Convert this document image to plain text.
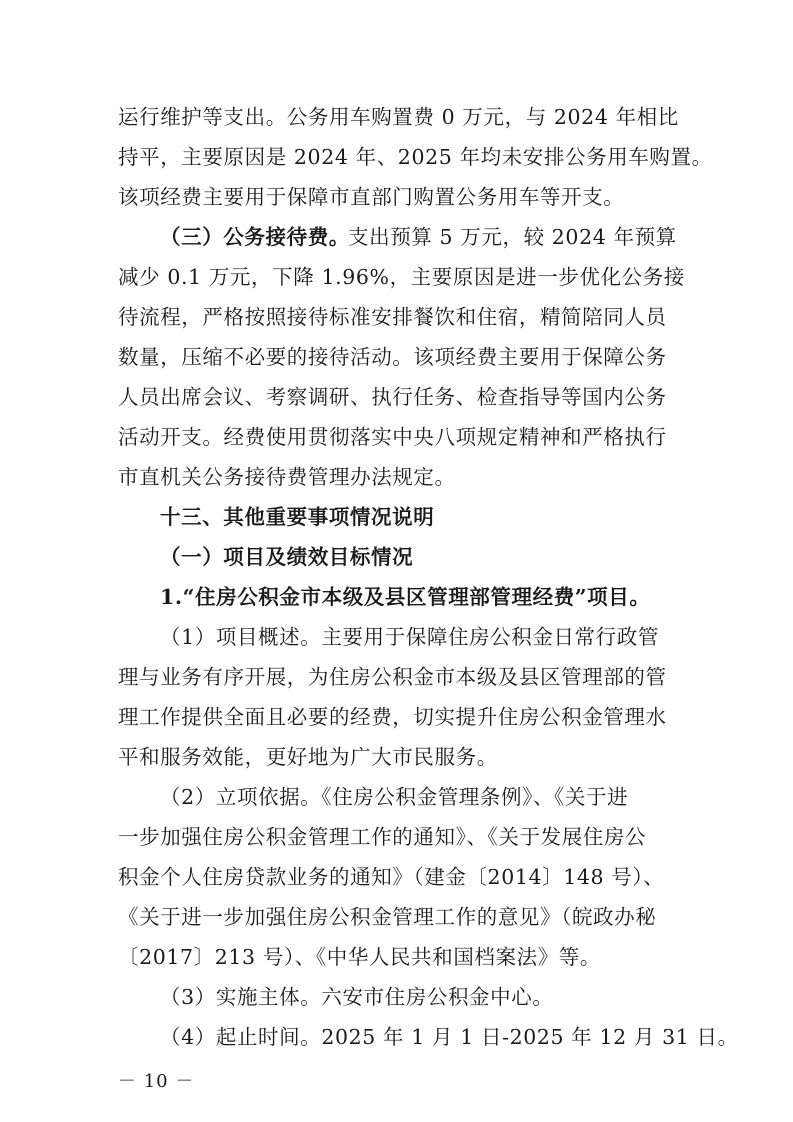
运行维护等支出。公务用车购置费 0 万元，与 2024 年相比
持平，主要原因是 2024 年、2025 年均未安排公务用车购置。
该项经费主要用于保障市直部门购置公务用车等开支。
（三）公务接待费。
支出预算 5 万元，较 2024 年预算
减少 0.1 万元，下降 1.96%，主要原因是进一步优化公务接
待流程，严格按照接待标准安排餐饮和住宿，精简陪同人员
数量，压缩不必要的接待活动。该项经费主要用于保障公务
人员出席会议、考察调研、执行任务、检查指导等国内公务
活动开支。经费使用贯彻落实中央八项规定精神和严格执行
市直机关公务接待费管理办法规定。
十三、其他重要事项情况说明
（一）项目及绩效目标情况
1.“住房公积金市本级及县区管理部管理经费”项目。
（1）项目概述。主要用于保障住房公积金日常行政管
理与业务有序开展，为住房公积金市本级及县区管理部的管
理工作提供全面且必要的经费，切实提升住房公积金管理水
平和服务效能，更好地为广大市民服务。
（2）立项依据。《住房公积金管理条例》、《关于进
一步加强住房公积金管理工作的通知》、《关于发展住房公
积金个人住房贷款业务的通知》（建金〔2014〕148 号）、
《关于进一步加强住房公积金管理工作的意见》（皖政办秘
〔2017〕213 号）、《中华人民共和国档案法》等。
（3）实施主体。六安市住房公积金中心。
（4）起止时间。2025 年 1 月 1 日-2025 年 12 月 31 日。
－ 10 －
